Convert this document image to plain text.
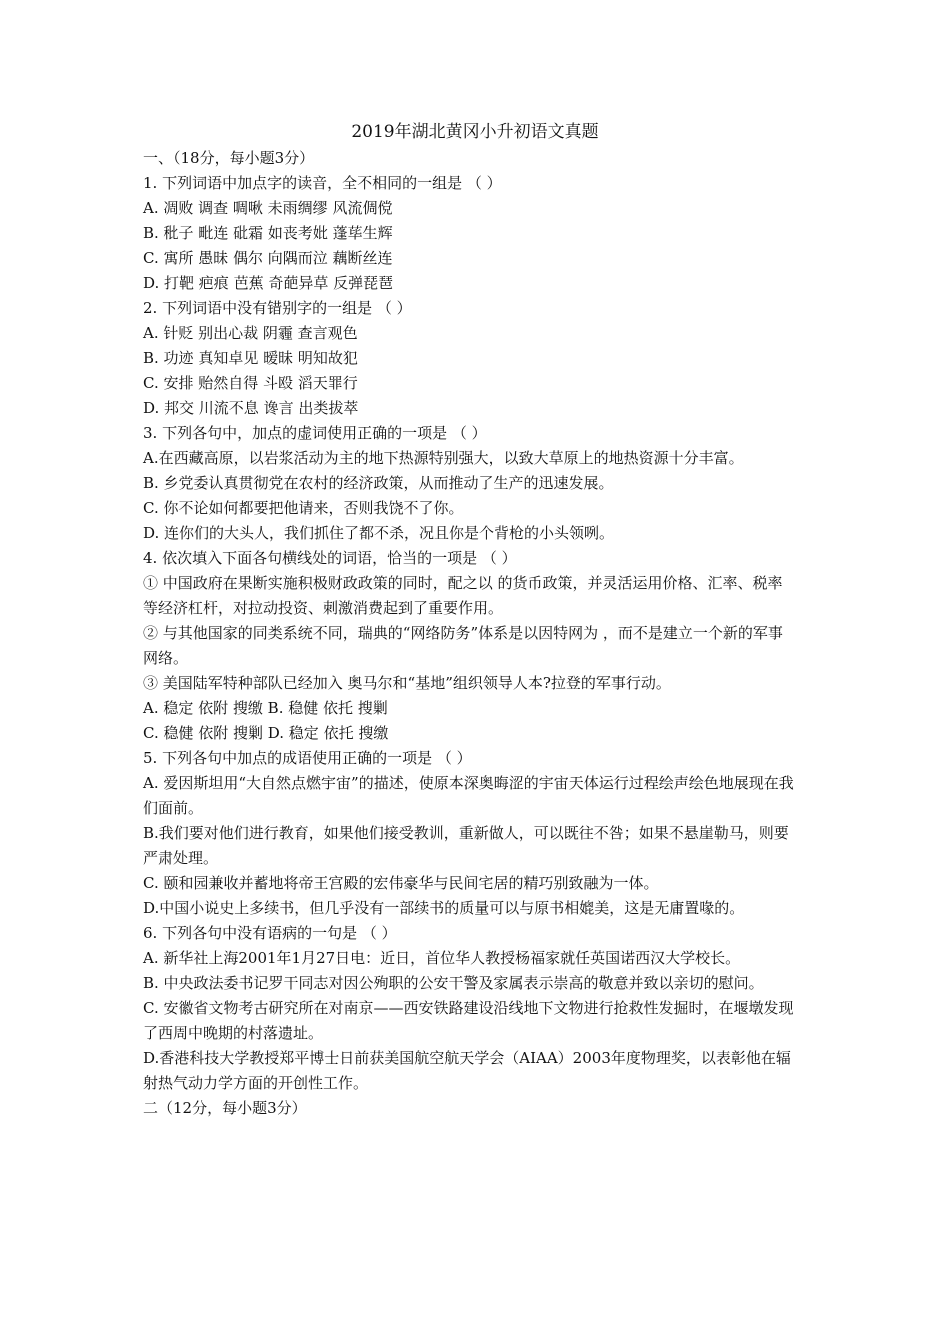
2019年湖北黄冈小升初语文真题

一、（18分，每小题3分）

1. 下列词语中加点字的读音，全不相同的一组是 （ ）

A. 凋败 调查 啁啾 未雨绸缪 风流倜傥

B. 秕子 毗连 砒霜 如丧考妣 蓬荜生辉

C. 寓所 愚昧 偶尔 向隅而泣 藕断丝连

D. 打靶 疤痕 芭蕉 奇葩异草 反弹琵琶

2. 下列词语中没有错别字的一组是 （ ）

A. 针贬 别出心裁 阴霾 查言观色

B. 功迹 真知卓见 暧昧 明知故犯

C. 安排 贻然自得 斗殴 滔天罪行

D. 邦交 川流不息 谗言 出类拔萃

3. 下列各句中，加点的虚词使用正确的一项是 （ ）

A.在西藏高原，以岩浆活动为主的地下热源特别强大，以致大草原上的地热资源十分丰富。

B. 乡党委认真贯彻党在农村的经济政策，从而推动了生产的迅速发展。

C. 你不论如何都要把他请来，否则我饶不了你。

D. 连你们的大头人，我们抓住了都不杀，况且你是个背枪的小头领咧。

4. 依次填入下面各句横线处的词语，恰当的一项是 （ ）

① 中国政府在果断实施积极财政政策的同时，配之以 的货币政策，并灵活运用价格、汇率、税率等经济杠杆，对拉动投资、刺激消费起到了重要作用。

② 与其他国家的同类系统不同，瑞典的“网络防务”体系是以因特网为 ，而不是建立一个新的军事网络。

③ 美国陆军特种部队已经加入 奥马尔和“基地”组织领导人本?拉登的军事行动。

A. 稳定 依附 搜缴 B. 稳健 依托 搜剿

C. 稳健 依附 搜剿 D. 稳定 依托 搜缴

5. 下列各句中加点的成语使用正确的一项是 （ ）

A. 爱因斯坦用“大自然点燃宇宙”的描述，使原本深奥晦涩的宇宙天体运行过程绘声绘色地展现在我们面前。

B.我们要对他们进行教育，如果他们接受教训，重新做人，可以既往不咎；如果不悬崖勒马，则要严肃处理。

C. 颐和园兼收并蓄地将帝王宫殿的宏伟豪华与民间宅居的精巧别致融为一体。

D.中国小说史上多续书，但几乎没有一部续书的质量可以与原书相媲美，这是无庸置喙的。

6. 下列各句中没有语病的一句是 （ ）

A. 新华社上海2001年1月27日电：近日，首位华人教授杨福家就任英国诺西汉大学校长。

B. 中央政法委书记罗干同志对因公殉职的公安干警及家属表示崇高的敬意并致以亲切的慰问。

C. 安徽省文物考古研究所在对南京——西安铁路建设沿线地下文物进行抢救性发掘时，在堰墩发现了西周中晚期的村落遗址。

D.香港科技大学教授郑平博士日前获美国航空航天学会（AIAA）2003年度物理奖，以表彰他在辐射热气动力学方面的开创性工作。

二（12分，每小题3分）
